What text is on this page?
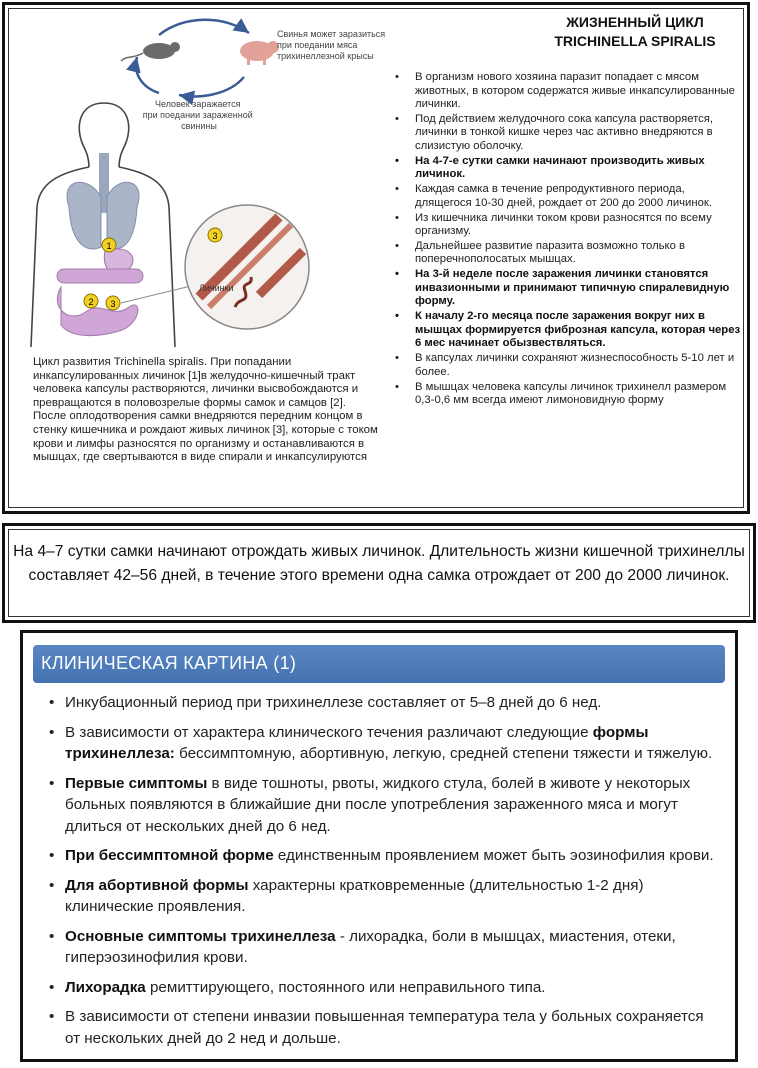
Свинья может заразиться при поедании мяса трихинеллезной крысы
Человек заражается при поедании зараженной свинины
1
2 3
3
Личинки

Цикл развития Trichinella spiralis. При попадании инкапсулированных личинок [1]в желудочно-кишечный тракт человека капсулы растворяются, личинки высвобождаются и превращаются в половозрелые формы самок и самцов [2].

После оплодотворения самки внедряются передним концом в стенку кишечника и рождают живых личинок [3], которые с током крови и лимфы разносятся по организму и останавливаются в мышцах, где свертываются в виде спирали и инкапсулируются

ЖИЗНЕННЫЙ ЦИКЛ TRICHINELLA SPIRALIS
• В организм нового хозяина паразит попадает с мясом животных, в котором содержатся живые инкапсулированные личинки.
• Под действием желудочного сока капсула растворяется, личинки в тонкой кишке через час активно внедряются в слизистую оболочку.
• На 4-7-е сутки самки начинают производить живых личинок.
• Каждая самка в течение репродуктивного периода, длящегося 10-30 дней, рождает от 200 до 2000 личинок.
• Из кишечника личинки током крови разносятся по всему организму.
• Дальнейшее развитие паразита возможно только в поперечнополосатых мышцах.
• На 3-й неделе после заражения личинки становятся инвазионными и принимают типичную спиралевидную форму.
• К началу 2-го месяца после заражения вокруг них в мышцах формируется фиброзная капсула, которая через 6 мес начинает обызвествляться.
• В капсулах личинки сохраняют жизнеспособность 5-10 лет и более.
• В мышцах человека капсулы личинок трихинелл размером 0,3-0,6 мм всегда имеют лимоновидную форму
На 4–7 сутки самки начинают отрождать живых личинок. Длительность жизни кишечной трихинеллы составляет 42–56 дней, в течение этого времени одна самка отрождает от 200 до 2000 личинок.
КЛИНИЧЕСКАЯ КАРТИНА (1)
• Инкубационный период при трихинеллезе составляет от 5–8 дней до 6 нед.
• В зависимости от характера клинического течения различают следующие формы трихинеллеза: бессимптомную, абортивную, легкую, средней степени тяжести и тяжелую.
• Первые симптомы в виде тошноты, рвоты, жидкого стула, болей в животе у некоторых больных появляются в ближайшие дни после употребления зараженного мяса и могут длиться от нескольких дней до 6 нед.
• При бессимптомной форме единственным проявлением может быть эозинофилия крови.
• Для абортивной формы характерны кратковременные (длительностью 1-2 дня) клинические проявления.
• Основные симптомы трихинеллеза - лихорадка, боли в мышцах, миастения, отеки, гиперэозинофилия крови.
• Лихорадка ремиттирующего, постоянного или неправильного типа.
• В зависимости от степени инвазии повышенная температура тела у больных сохраняется от нескольких дней до 2 нед и дольше.
